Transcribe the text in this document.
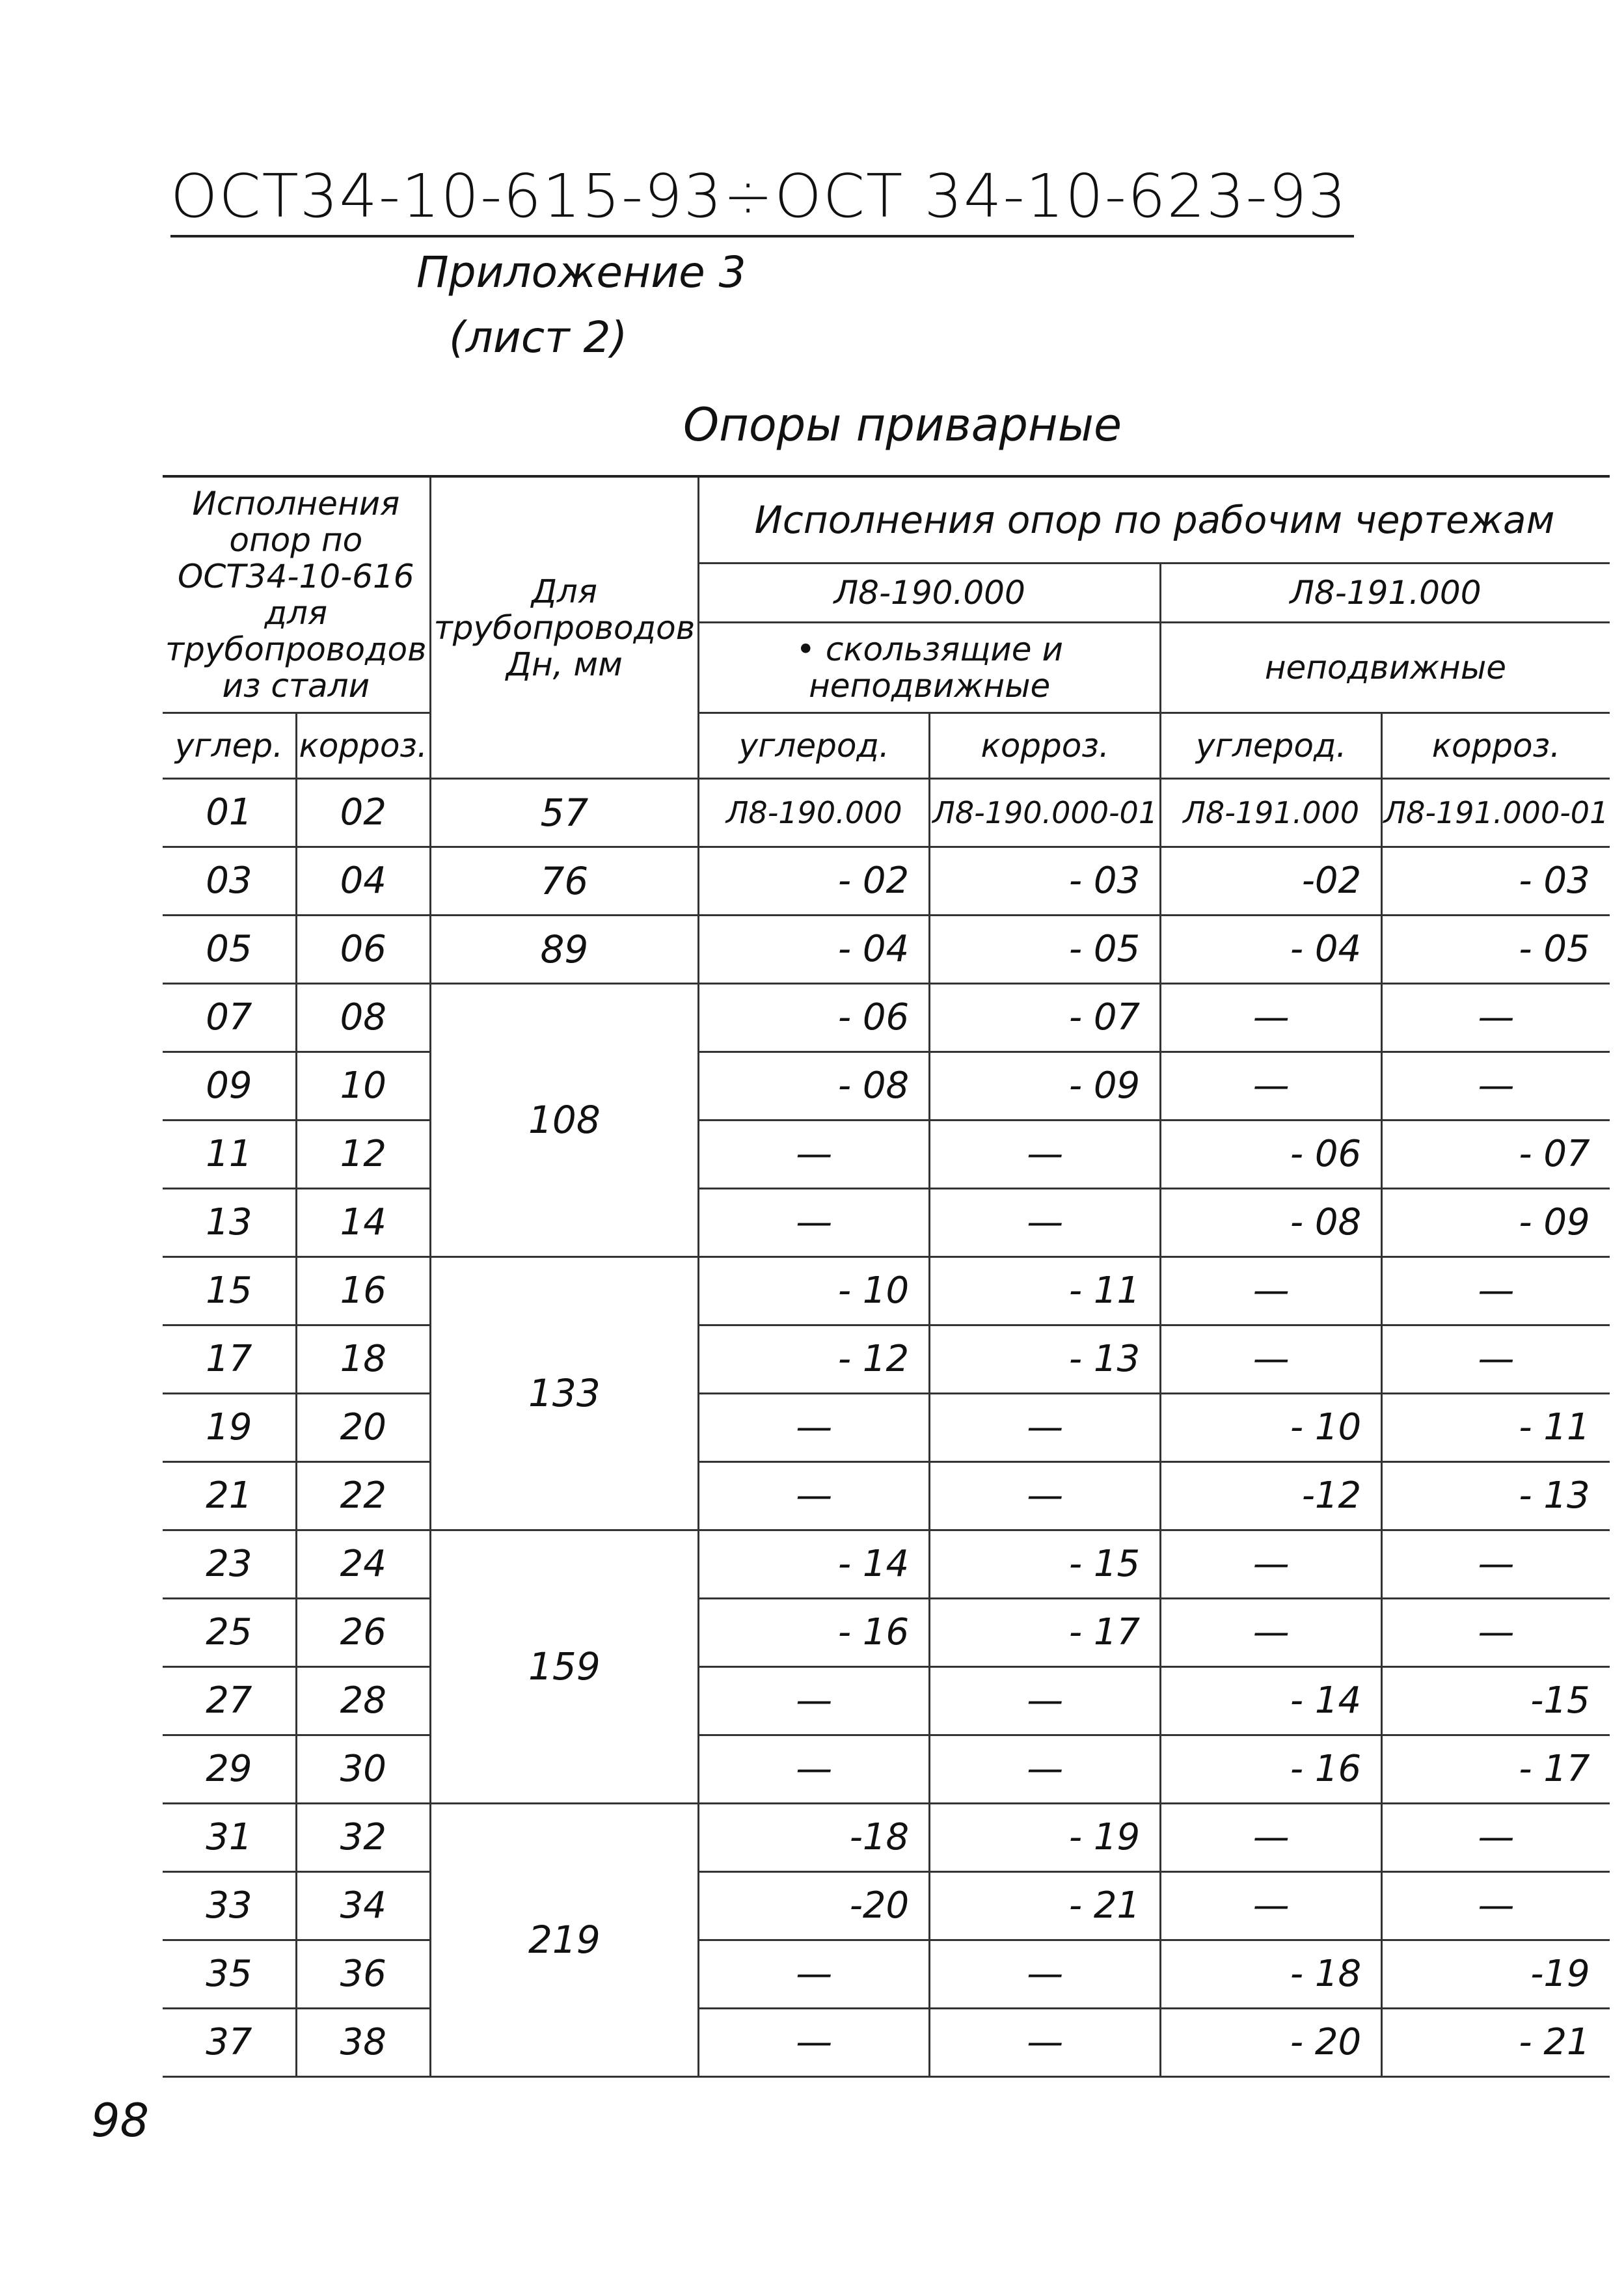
ОСТ34-10-615-93÷ОСТ 34-10-623-93
Приложение 3
(лист 2)
Опоры приварные
Исполнения опор по ОСТ34-10-616 для трубопроводов из стали		Для трубопроводов Дн, мм	Исполнения опор по рабочим чертежам			
			Л8-190.000		Л8-191.000	
			• скользящие и неподвижные		неподвижные	
углер.	корроз.		углерод.	корроз.	углерод.	корроз.
01	02	57	Л8-190.000	Л8-190.000-01	Л8-191.000	Л8-191.000-01
03	04	76	- 02	- 03	-02	- 03
05	06	89	- 04	- 05	- 04	- 05
07	08	108	- 06	- 07	—	—
09	10		- 08	- 09	—	—
11	12		—	—	- 06	- 07
13	14		—	—	- 08	- 09
15	16	133	- 10	- 11	—	—
17	18		- 12	- 13	—	—
19	20		—	—	- 10	- 11
21	22		—	—	-12	- 13
23	24	159	- 14	- 15	—	—
25	26		- 16	- 17	—	—
27	28		—	—	- 14	-15
29	30		—	—	- 16	- 17
31	32	219	-18	- 19	—	—
33	34		-20	- 21	—	—
35	36		—	—	- 18	-19
37	38		—	—	- 20	- 21
98
